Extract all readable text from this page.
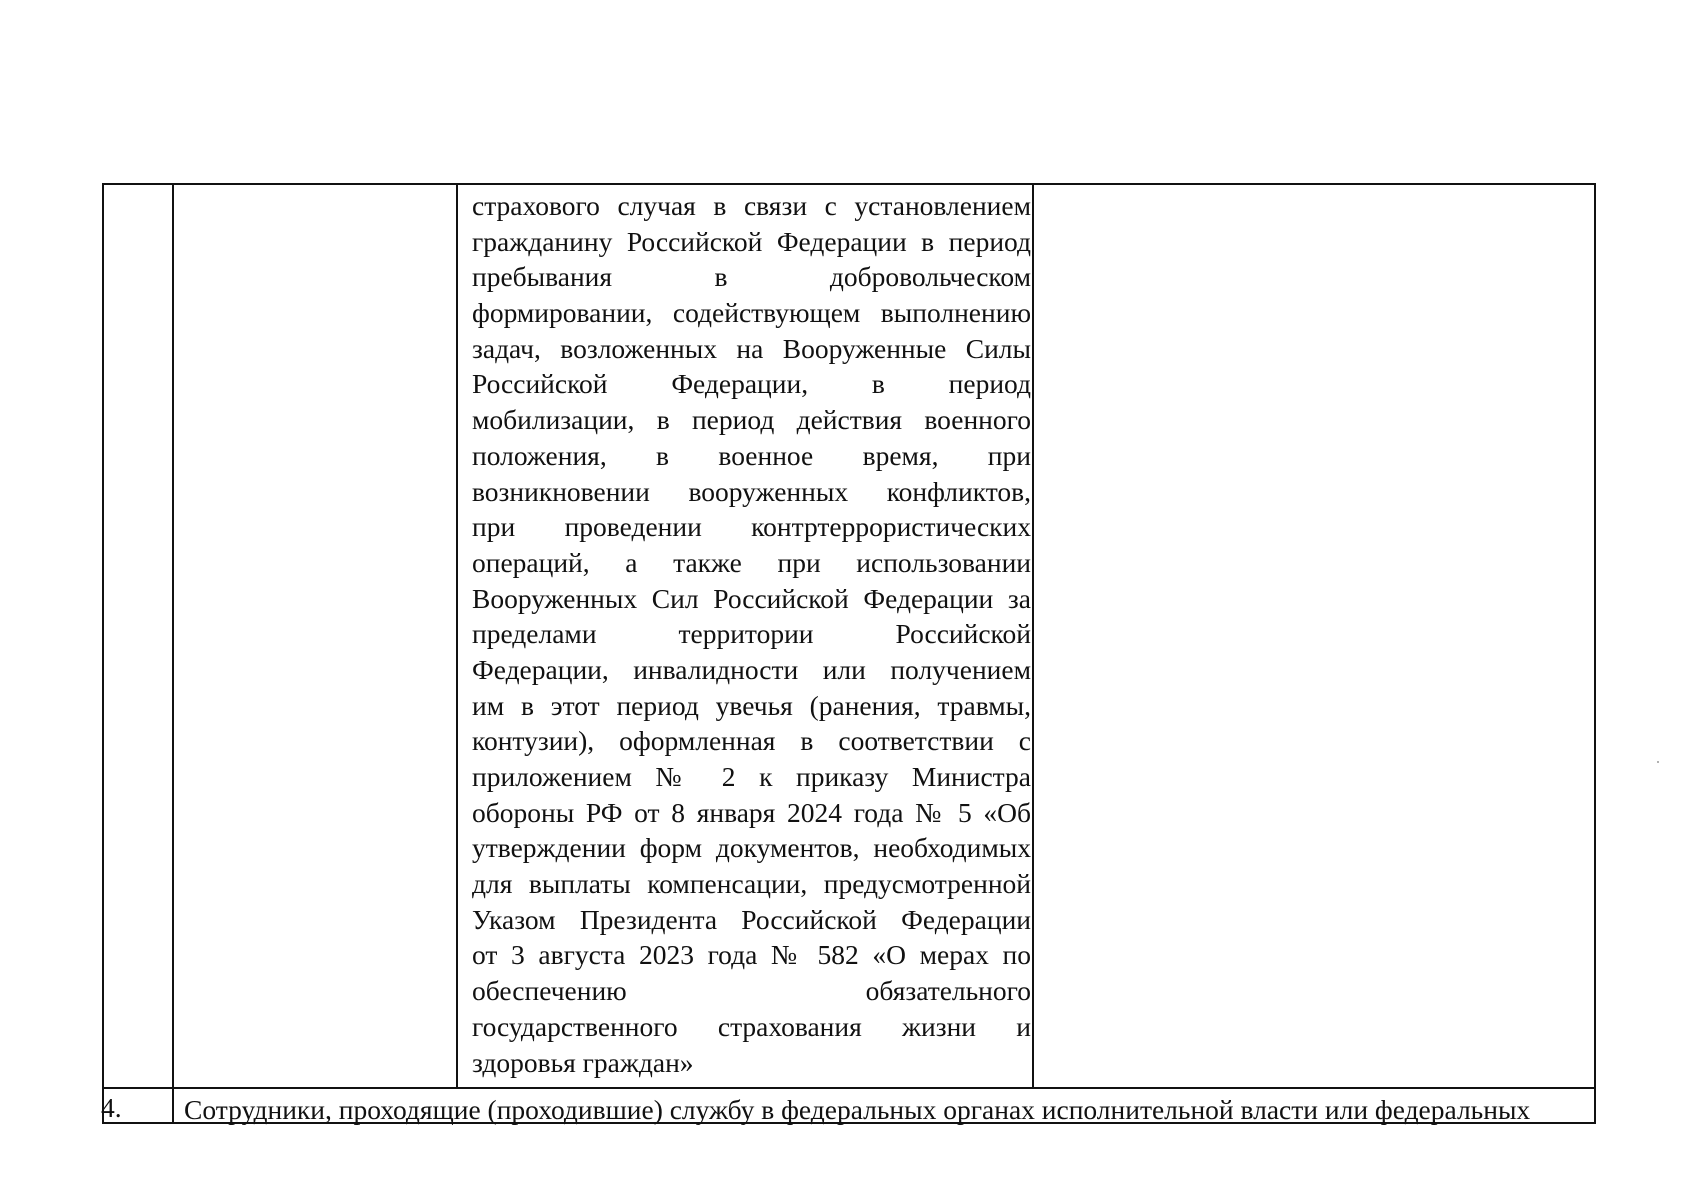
страхового случая в связи с установлением
гражданину Российской Федерации в период
пребывания в добровольческом
формировании, содействующем выполнению
задач, возложенных на Вооруженные Силы
Российской Федерации, в период
мобилизации, в период действия военного
положения, в военное время, при
возникновении вооруженных конфликтов,
при проведении контртеррористических
операций, а также при использовании
Вооруженных Сил Российской Федерации за
пределами территории Российской
Федерации, инвалидности или получением
им в этот период увечья (ранения, травмы,
контузии), оформленная в соответствии с
приложением № 2 к приказу Министра
обороны РФ от 8 января 2024 года № 5 «Об
утверждении форм документов, необходимых
для выплаты компенсации, предусмотренной
Указом Президента Российской Федерации
от 3 августа 2023 года № 582 «О мерах по
обеспечению обязательного
государственного страхования жизни и
здоровья граждан»
4. Сотрудники, проходящие (проходившие) службу в федеральных органах исполнительной власти или федеральных
